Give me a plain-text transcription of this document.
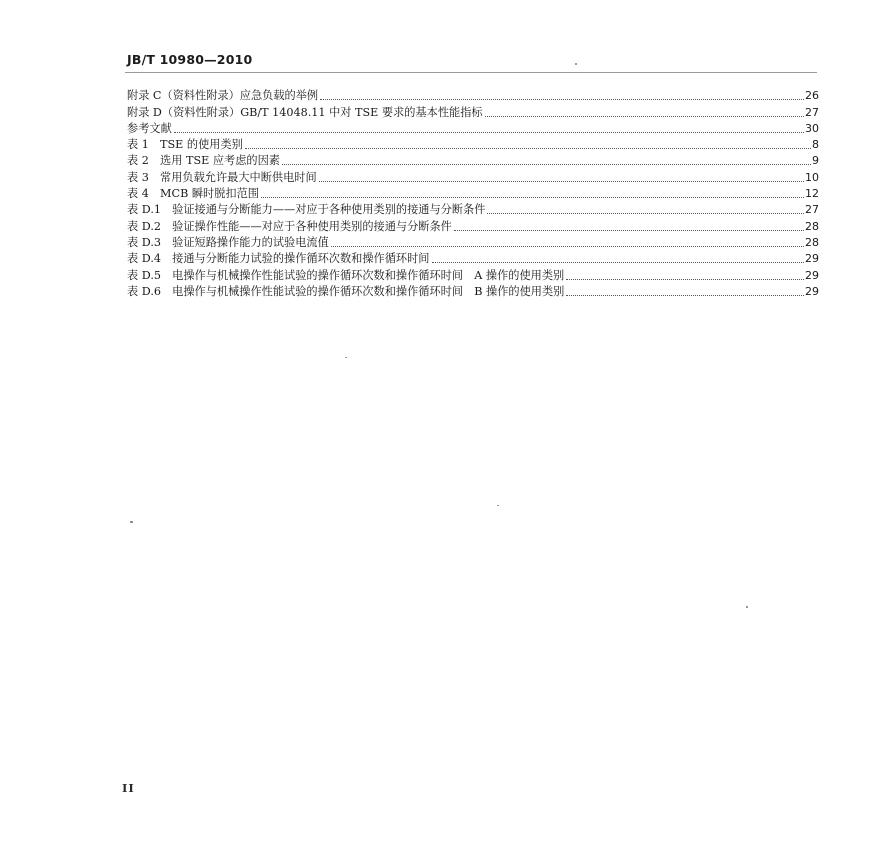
JB/T 10980—2010
附录 C（资料性附录）应急负载的举例	26
附录 D（资料性附录）GB/T 14048.11 中对 TSE 要求的基本性能指标	27
参考文献	30
表 1　TSE 的使用类别	8
表 2　选用 TSE 应考虑的因素	9
表 3　常用负载允许最大中断供电时间	10
表 4　MCB 瞬时脱扣范围	12
表 D.1　验证接通与分断能力——对应于各种使用类别的接通与分断条件	27
表 D.2　验证操作性能——对应于各种使用类别的接通与分断条件	28
表 D.3　验证短路操作能力的试验电流值	28
表 D.4　接通与分断能力试验的操作循环次数和操作循环时间	29
表 D.5　电操作与机械操作性能试验的操作循环次数和操作循环时间　A 操作的使用类别	29
表 D.6　电操作与机械操作性能试验的操作循环次数和操作循环时间　B 操作的使用类别	29
II
